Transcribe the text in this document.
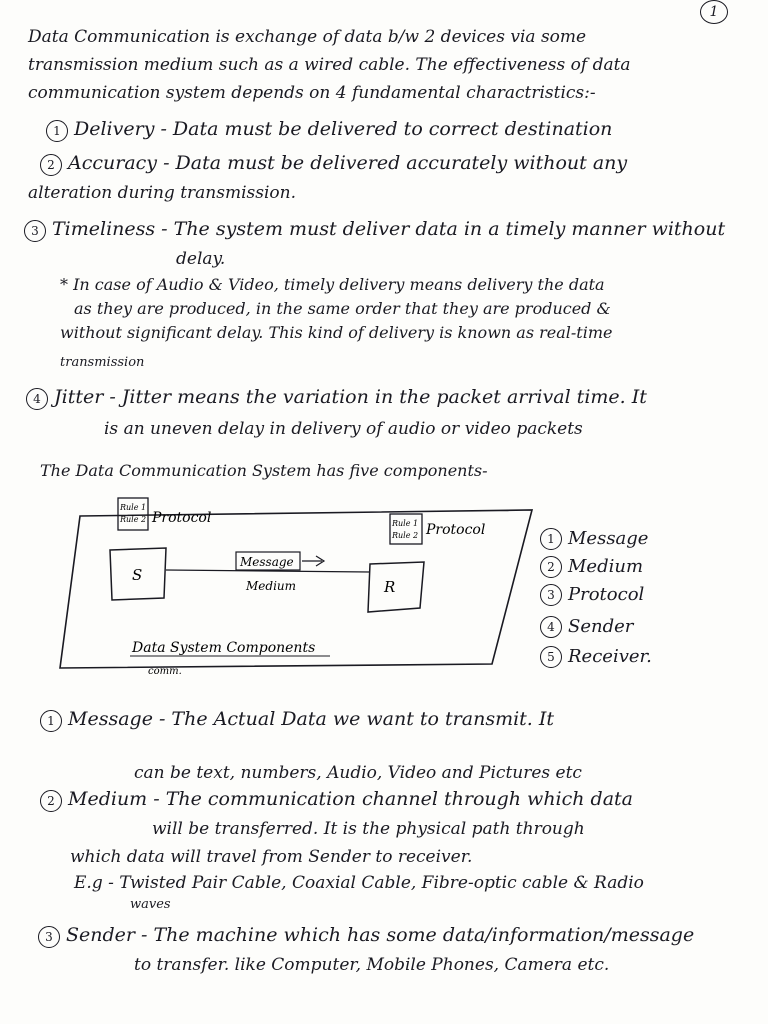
1
Data Communication is exchange of data b/w 2 devices via some
transmission medium such as a wired cable. The effectiveness of data
communication system depends on 4 fundamental charactristics:-
1 Delivery - Data must be delivered to correct destination
2 Accuracy - Data must be delivered accurately without any
alteration during transmission.
3 Timeliness - The system must deliver data in a timely manner without
delay.
* In case of Audio & Video, timely delivery means delivery the data
as they are produced, in the same order that they are produced &
without significant delay. This kind of delivery is known as real-time
transmission
4 Jitter - Jitter means the variation in the packet arrival time. It
is an uneven delay in delivery of audio or video packets
The Data Communication System has five components-
Rule 1
Rule 2 Protocol
S
Message
Medium
Rule 1
Rule 2 Protocol
R
Data System Components
comm.
1 Message
2 Medium
3 Protocol
4 Sender
5 Receiver.
1 Message - The Actual Data we want to transmit. It
can be text, numbers, Audio, Video and Pictures etc
2 Medium - The communication channel through which data
will be transferred. It is the physical path through
which data will travel from Sender to receiver.
E.g - Twisted Pair Cable, Coaxial Cable, Fibre-optic cable & Radio
waves
3 Sender - The machine which has some data/information/message
to transfer. like Computer, Mobile Phones, Camera etc.
